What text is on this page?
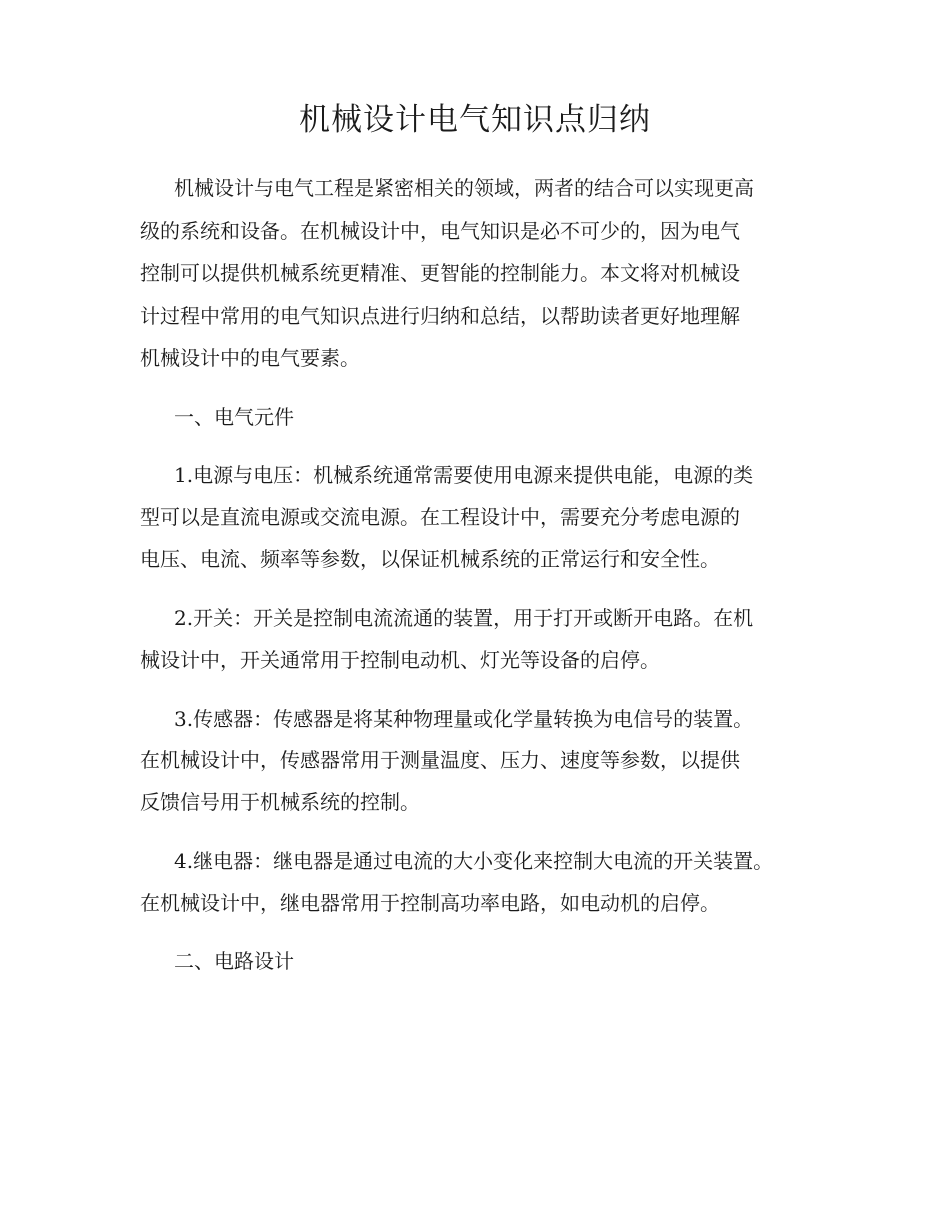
机械设计电气知识点归纳

机械设计与电气工程是紧密相关的领域，两者的结合可以实现更高

级的系统和设备。在机械设计中，电气知识是必不可少的，因为电气

控制可以提供机械系统更精准、更智能的控制能力。本文将对机械设

计过程中常用的电气知识点进行归纳和总结，以帮助读者更好地理解

机械设计中的电气要素。

一、电气元件

1.电源与电压：机械系统通常需要使用电源来提供电能，电源的类

型可以是直流电源或交流电源。在工程设计中，需要充分考虑电源的

电压、电流、频率等参数，以保证机械系统的正常运行和安全性。

2.开关：开关是控制电流流通的装置，用于打开或断开电路。在机

械设计中，开关通常用于控制电动机、灯光等设备的启停。

3.传感器：传感器是将某种物理量或化学量转换为电信号的装置。

在机械设计中，传感器常用于测量温度、压力、速度等参数，以提供

反馈信号用于机械系统的控制。

4.继电器：继电器是通过电流的大小变化来控制大电流的开关装置。

在机械设计中，继电器常用于控制高功率电路，如电动机的启停。

二、电路设计
